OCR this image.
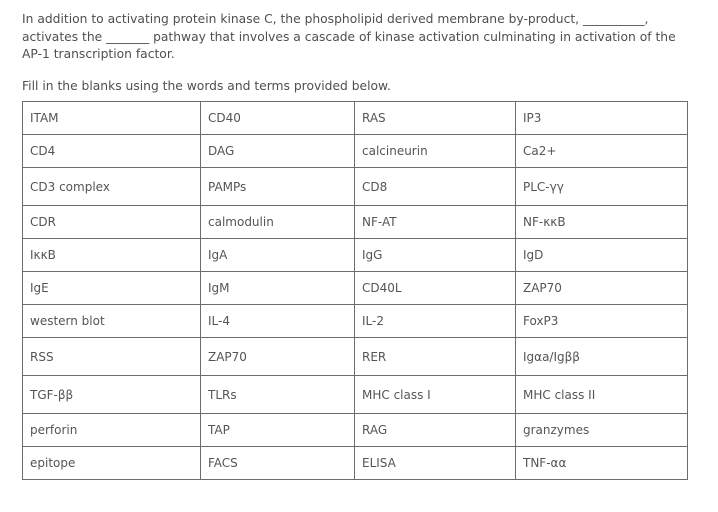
In addition to activating protein kinase C, the phospholipid derived membrane by-product, __________, activates the _______ pathway that involves a cascade of kinase activation culminating in activation of the AP-1 transcription factor.

Fill in the blanks using the words and terms provided below.

ITAM	CD40	RAS	IP3
CD4	DAG	calcineurin	Ca2+
CD3 complex	PAMPs	CD8	PLC-γγ
CDR	calmodulin	NF-AT	NF-κκB
IκκB	IgA	IgG	IgD
IgE	IgM	CD40L	ZAP70
western blot	IL-4	IL-2	FoxP3
RSS	ZAP70	RER	Igαa/Igββ
TGF-ββ	TLRs	MHC class I	MHC class II
perforin	TAP	RAG	granzymes
epitope	FACS	ELISA	TNF-αα
